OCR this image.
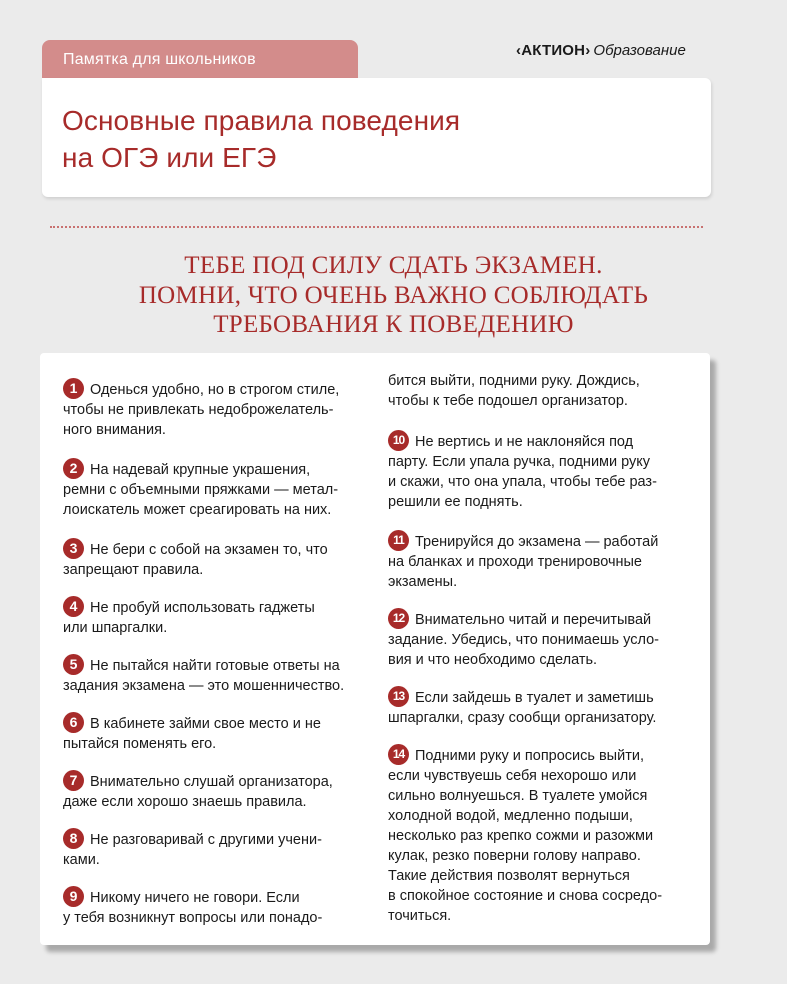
Памятка для школьников
‹АКТИОН› Образование
Основные правила поведения
на ОГЭ или ЕГЭ
ТЕБЕ ПОД СИЛУ СДАТЬ ЭКЗАМЕН.
ПОМНИ, ЧТО ОЧЕНЬ ВАЖНО СОБЛЮДАТЬ
ТРЕБОВАНИЯ К ПОВЕДЕНИЮ
1 Оденься удобно, но в строгом стиле,
чтобы не привлекать недоброжелатель-
ного внимания.
2 На надевай крупные украшения,
ремни с объемными пряжками — метал-
лоискатель может среагировать на них.
3 Не бери с собой на экзамен то, что
запрещают правила.
4 Не пробуй использовать гаджеты
или шпаргалки.
5 Не пытайся найти готовые ответы на
задания экзамена — это мошенничество.
6 В кабинете займи свое место и не
пытайся поменять его.
7 Внимательно слушай организатора,
даже если хорошо знаешь правила.
8 Не разговаривай с другими учени-
ками.
9 Никому ничего не говори. Если
у тебя возникнут вопросы или понадо-
бится выйти, подними руку. Дождись,
чтобы к тебе подошел организатор.
10 Не вертись и не наклоняйся под
парту. Если упала ручка, подними руку
и скажи, что она упала, чтобы тебе раз-
решили ее поднять.
11 Тренируйся до экзамена — работай
на бланках и проходи тренировочные
экзамены.
12 Внимательно читай и перечитывай
задание. Убедись, что понимаешь усло-
вия и что необходимо сделать.
13 Если зайдешь в туалет и заметишь
шпаргалки, сразу сообщи организатору.
14 Подними руку и попросись выйти,
если чувствуешь себя нехорошо или
сильно волнуешься. В туалете умойся
холодной водой, медленно подыши,
несколько раз крепко сожми и разожми
кулак, резко поверни голову направо.
Такие действия позволят вернуться
в спокойное состояние и снова сосредо-
точиться.
